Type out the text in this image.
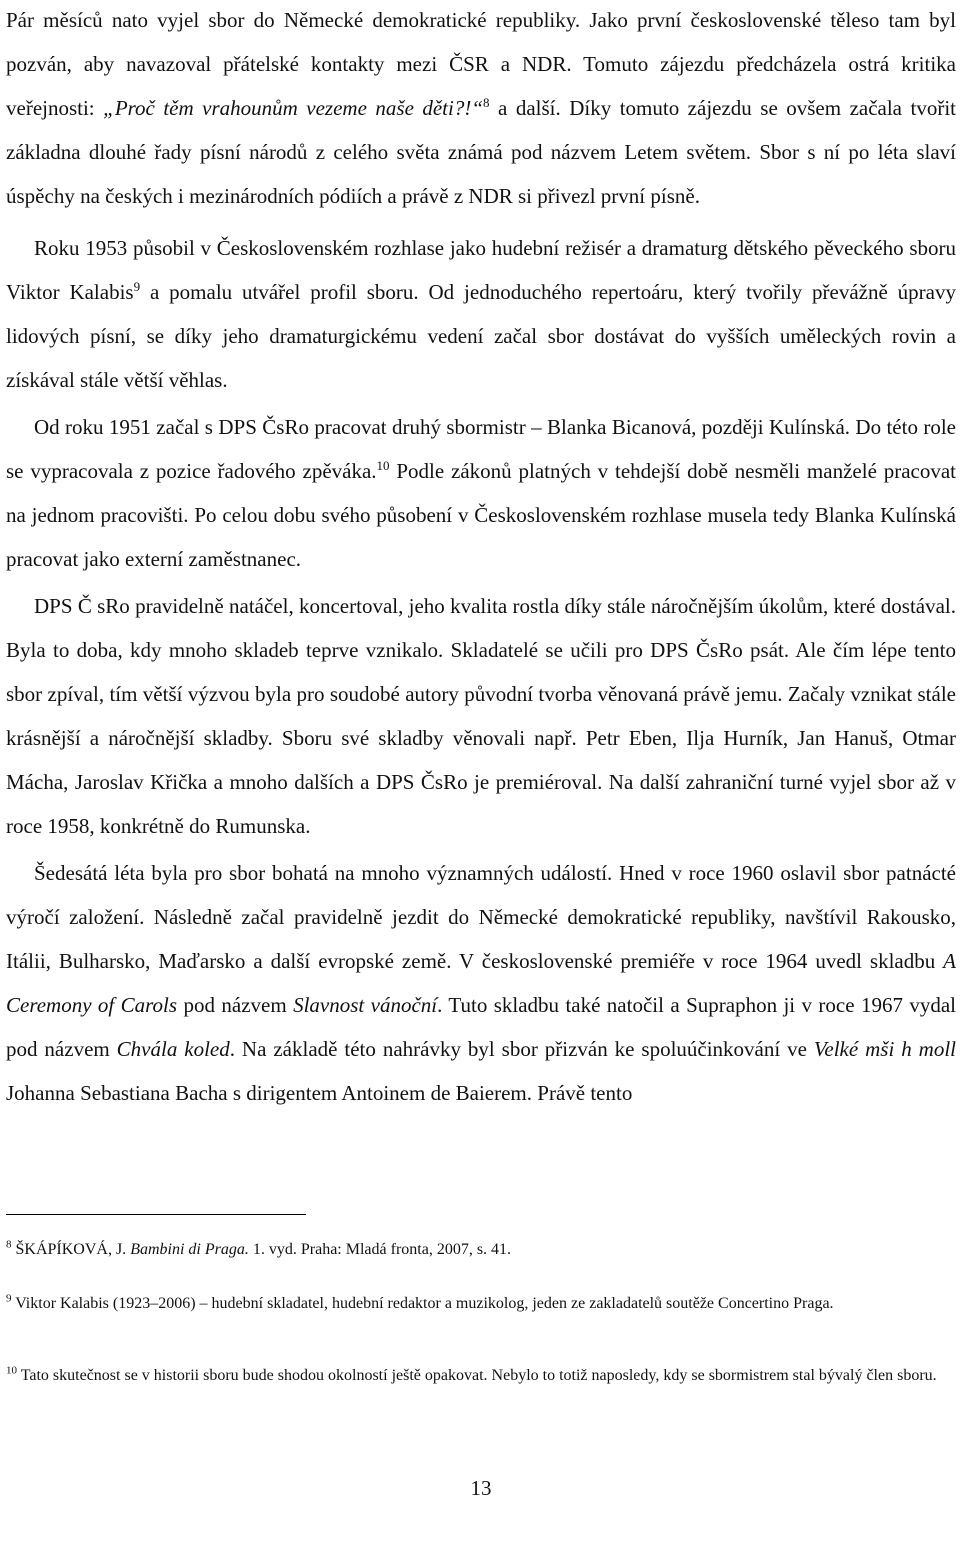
Pár měsíců nato vyjel sbor do Německé demokratické republiky. Jako první československé těleso tam byl pozván, aby navazoval přátelské kontakty mezi ČSR a NDR. Tomuto zájezdu předcházela ostrá kritika veřejnosti: „Proč těm vrahounům vezeme naše děti?!“$^8$ a další. Díky tomuto zájezdu se ovšem začala tvořit základna dlouhé řady písní národů z celého světa známá pod názvem Letem světem. Sbor s ní po léta slaví úspěchy na českých i mezinárodních pódiích a právě z NDR si přivezl první písně.

Roku 1953 působil v Československém rozhlase jako hudební režisér a dramaturg dětského pěveckého sboru Viktor Kalabis$^9$ a pomalu utvářel profil sboru. Od jednoduchého repertoáru, který tvořily převážně úpravy lidových písní, se díky jeho dramaturgickému vedení začal sbor dostávat do vyšších uměleckých rovin a získával stále větší věhlas.

Od roku 1951 začal s DPS ČsRo pracovat druhý sbormistr – Blanka Bicanová, později Kulínská. Do této role se vypracovala z pozice řadového zpěváka.$^{10}$ Podle zákonů platných v tehdejší době nesměli manželé pracovat na jednom pracovišti. Po celou dobu svého působení v Československém rozhlase musela tedy Blanka Kulínská pracovat jako externí zaměstnanec.

DPS Č sRo pravidelně natáčel, koncertoval, jeho kvalita rostla díky stále náročnějším úkolům, které dostával. Byla to doba, kdy mnoho skladeb teprve vznikalo. Skladatelé se učili pro DPS ČsRo psát. Ale čím lépe tento sbor zpíval, tím větší výzvou byla pro soudobé autory původní tvorba věnovaná právě jemu. Začaly vznikat stále krásnější a náročnější skladby. Sboru své skladby věnovali např. Petr Eben, Ilja Hurník, Jan Hanuš, Otmar Mácha, Jaroslav Křička a mnoho dalších a DPS ČsRo je premiéroval. Na další zahraniční turné vyjel sbor až v roce 1958, konkrétně do Rumunska.

Šedesátá léta byla pro sbor bohatá na mnoho významných událostí. Hned v roce 1960 oslavil sbor patnácté výročí založení. Následně začal pravidelně jezdit do Německé demokratické republiky, navštívil Rakousko, Itálii, Bulharsko, Maďarsko a další evropské země. V československé premiéře v roce 1964 uvedl skladbu A Ceremony of Carols pod názvem Slavnost vánoční. Tuto skladbu také natočil a Supraphon ji v roce 1967 vydal pod názvem Chvála koled. Na základě této nahrávky byl sbor přizván ke spoluúčinkování ve Velké mši h moll Johanna Sebastiana Bacha s dirigentem Antoinem de Baierem. Právě tento

$^8$ ŠKÁPÍKOVÁ, J. Bambini di Praga. 1. vyd. Praha: Mladá fronta, 2007, s. 41.

$^9$ Viktor Kalabis (1923–2006) – hudební skladatel, hudební redaktor a muzikolog, jeden ze zakladatelů soutěže Concertino Praga.

$^{10}$ Tato skutečnost se v historii sboru bude shodou okolností ještě opakovat. Nebylo to totiž naposledy, kdy se sbormistrem stal bývalý člen sboru.

13
